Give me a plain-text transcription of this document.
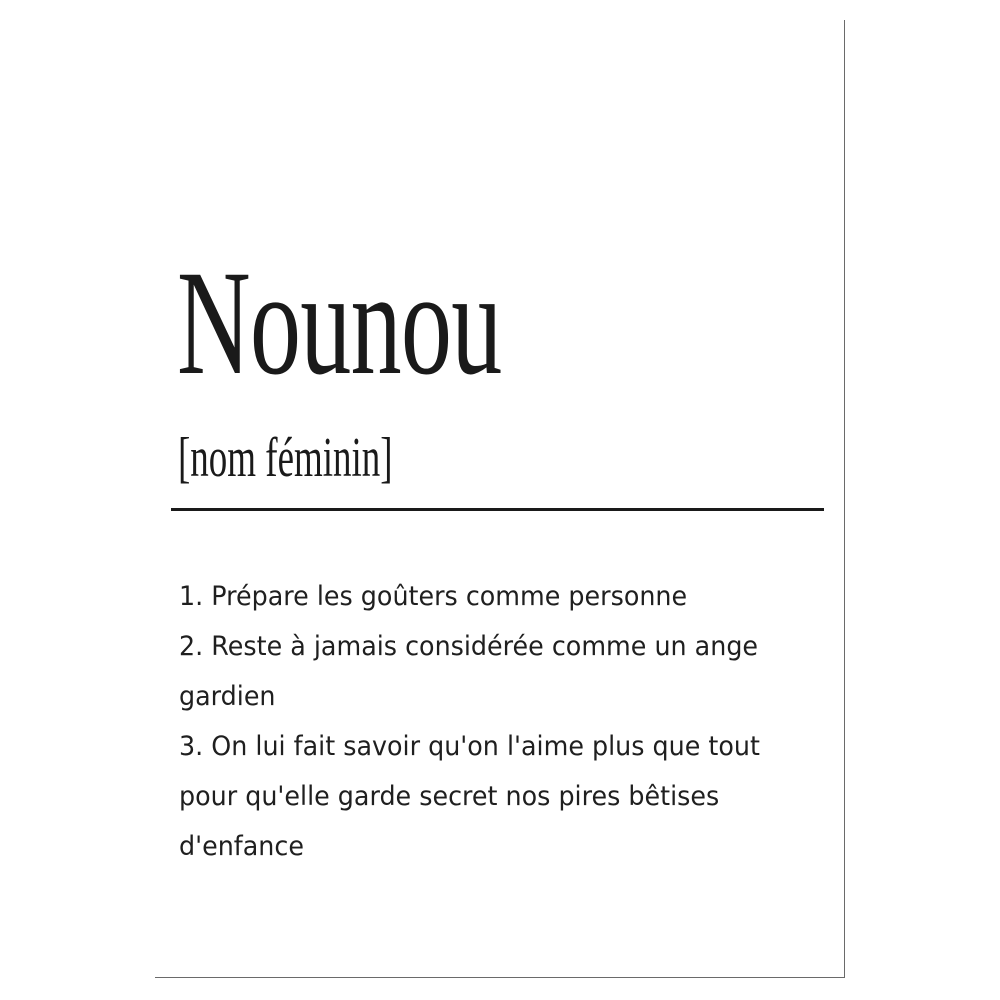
Nounou
[nom féminin]
1. Prépare les goûters comme personne
2. Reste à jamais considérée comme un ange gardien
3. On lui fait savoir qu'on l'aime plus que tout pour qu'elle garde secret nos pires bêtises d'enfance
